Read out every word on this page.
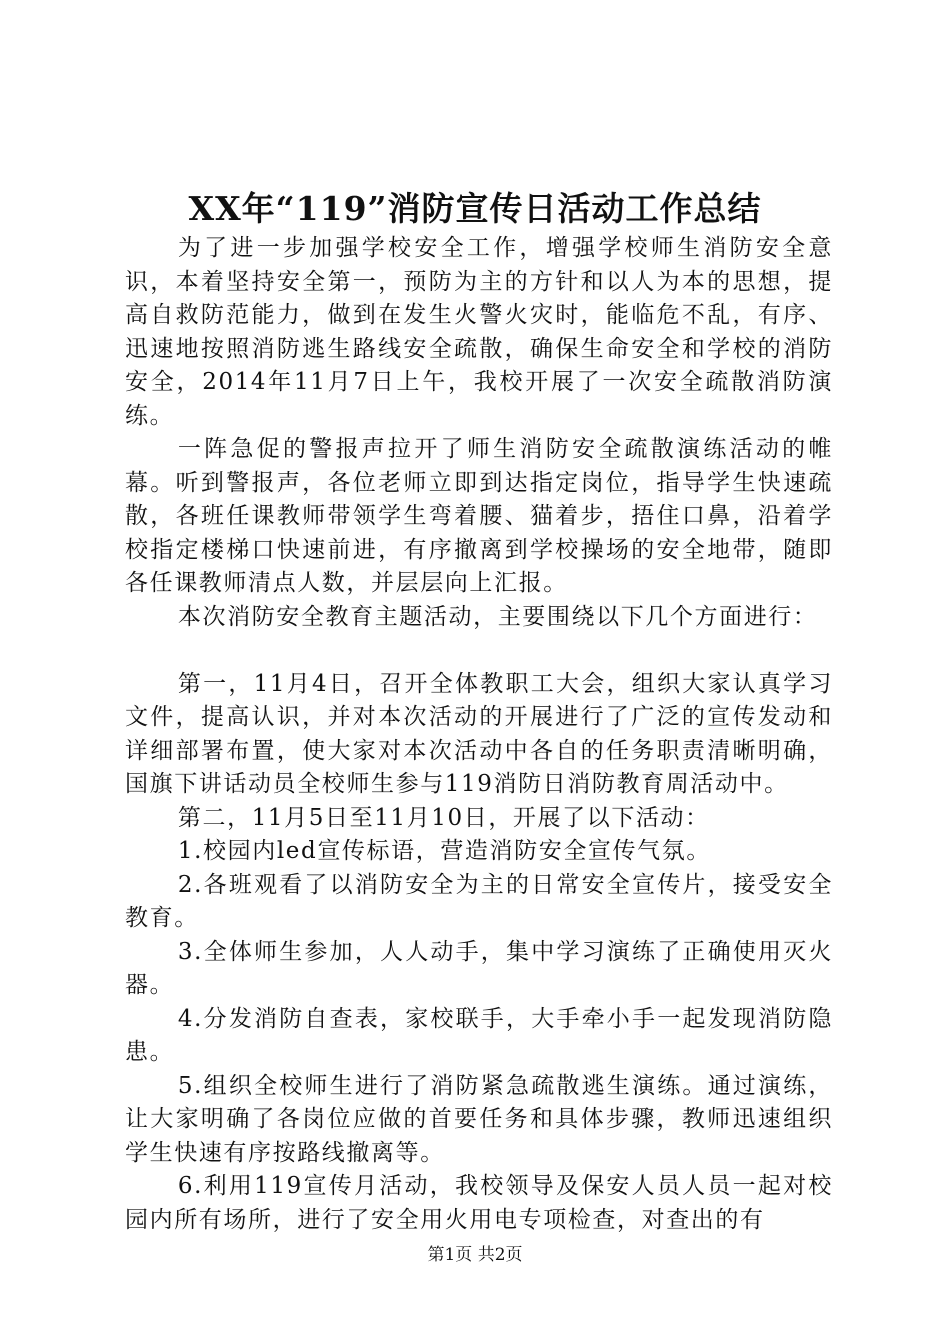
XX年“119”消防宣传日活动工作总结

为了进一步加强学校安全工作，增强学校师生消防安全意识，本着坚持安全第一，预防为主的方针和以人为本的思想，提高自救防范能力，做到在发生火警火灾时，能临危不乱，有序、迅速地按照消防逃生路线安全疏散，确保生命安全和学校的消防安全，2014年11月7日上午，我校开展了一次安全疏散消防演练。

一阵急促的警报声拉开了师生消防安全疏散演练活动的帷幕。听到警报声，各位老师立即到达指定岗位，指导学生快速疏散，各班任课教师带领学生弯着腰、猫着步，捂住口鼻，沿着学校指定楼梯口快速前进，有序撤离到学校操场的安全地带，随即各任课教师清点人数，并层层向上汇报。

本次消防安全教育主题活动，主要围绕以下几个方面进行：

第一，11月4日，召开全体教职工大会，组织大家认真学习文件，提高认识，并对本次活动的开展进行了广泛的宣传发动和详细部署布置，使大家对本次活动中各自的任务职责清晰明确，国旗下讲话动员全校师生参与119消防日消防教育周活动中。

第二，11月5日至11月10日，开展了以下活动：

1.校园内led宣传标语，营造消防安全宣传气氛。

2.各班观看了以消防安全为主的日常安全宣传片，接受安全教育。

3.全体师生参加，人人动手，集中学习演练了正确使用灭火器。

4.分发消防自查表，家校联手，大手牵小手一起发现消防隐患。

5.组织全校师生进行了消防紧急疏散逃生演练。通过演练，让大家明确了各岗位应做的首要任务和具体步骤，教师迅速组织学生快速有序按路线撤离等。

6.利用119宣传月活动，我校领导及保安人员人员一起对校园内所有场所，进行了安全用火用电专项检查，对查出的有

第1页 共2页
